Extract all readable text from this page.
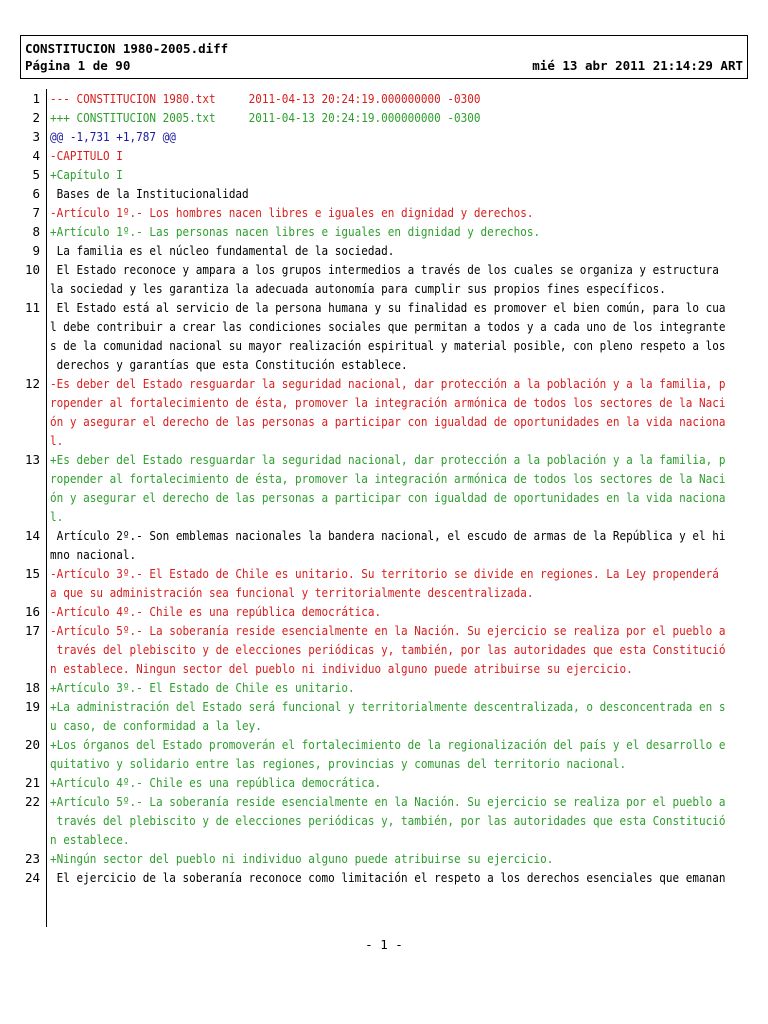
CONSTITUCION 1980-2005.diff
Página 1 de 90	mié 13 abr 2011 21:14:29 ART
1 --- CONSTITUCION 1980.txt     2011-04-13 20:24:19.000000000 -0300
2 +++ CONSTITUCION 2005.txt     2011-04-13 20:24:19.000000000 -0300
3 @@ -1,731 +1,787 @@
4 -CAPITULO I
5 +Capítulo I
6 Bases de la Institucionalidad
7 -Artículo 1º.- Los hombres nacen libres e iguales en dignidad y derechos.
8 +Artículo 1º.- Las personas nacen libres e iguales en dignidad y derechos.
9 La familia es el núcleo fundamental de la sociedad.
10	El Estado reconoce y ampara a los grupos intermedios a través de los cuales se organiza y estructura
la sociedad y les garantiza la adecuada autonomía para cumplir sus propios fines específicos.
11	El Estado está al servicio de la persona humana y su finalidad es promover el bien común, para lo cua
l debe contribuir a crear las condiciones sociales que permitan a todos y a cada uno de los integrante
s de la comunidad nacional su mayor realización espiritual y material posible, con pleno respeto a los
derechos y garantías que esta Constitución establece.
12 -Es deber del Estado resguardar la seguridad nacional, dar protección a la población y a la familia, p
ropender al fortalecimiento de ésta, promover la integración armónica de todos los sectores de la Naci
ón y asegurar el derecho de las personas a participar con igualdad de oportunidades en la vida naciona
l.
13 +Es deber del Estado resguardar la seguridad nacional, dar protección a la población y a la familia, p
ropender al fortalecimiento de ésta, promover la integración armónica de todos los sectores de la Naci
ón y asegurar el derecho de las personas a participar con igualdad de oportunidades en la vida naciona
l.
14	Artículo 2º.- Son emblemas nacionales la bandera nacional, el escudo de armas de la República y el hi
mno nacional.
15 -Artículo 3º.- El Estado de Chile es unitario. Su territorio se divide en regiones. La Ley propenderá
a que su administración sea funcional y territorialmente descentralizada.
16 -Artículo 4º.- Chile es una república democrática.
17 -Artículo 5º.- La soberanía reside esencialmente en la Nación. Su ejercicio se realiza por el pueblo a
través del plebiscito y de elecciones periódicas y, también, por las autoridades que esta Constitució
n establece. Ningun sector del pueblo ni individuo alguno puede atribuirse su ejercicio.
18 +Artículo 3º.- El Estado de Chile es unitario.
19 +La administración del Estado será funcional y territorialmente descentralizada, o desconcentrada en s
u caso, de conformidad a la ley.
20 +Los órganos del Estado promoverán el fortalecimiento de la regionalización del país y el desarrollo e
quitativo y solidario entre las regiones, provincias y comunas del territorio nacional.
21 +Artículo 4º.- Chile es una república democrática.
22 +Artículo 5º.- La soberanía reside esencialmente en la Nación. Su ejercicio se realiza por el pueblo a
través del plebiscito y de elecciones periódicas y, también, por las autoridades que esta Constitució
n establece.
23 +Ningún sector del pueblo ni individuo alguno puede atribuirse su ejercicio.
24 El ejercicio de la soberanía reconoce como limitación el respeto a los derechos esenciales que emanan
- 1 -
